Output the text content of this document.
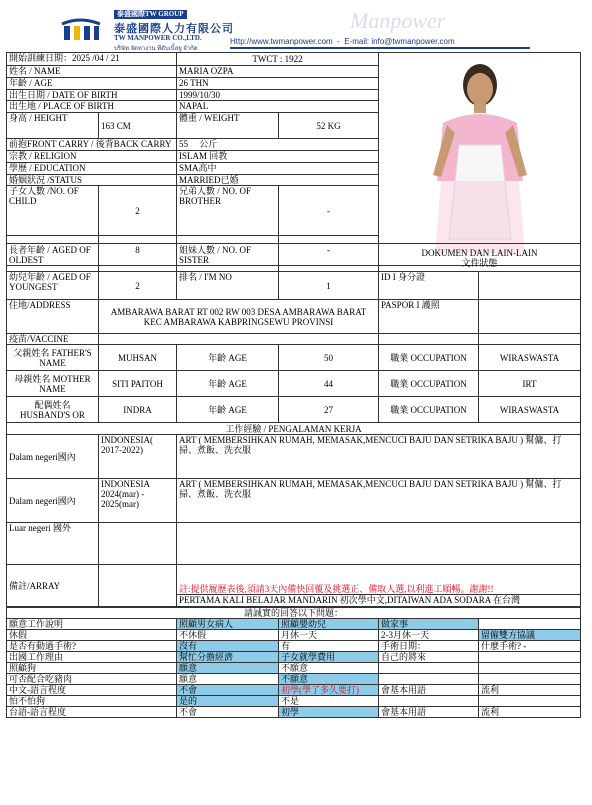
泰盛國際TW GROUP
泰盛國際人力有限公司
TW MANPOWER CO.,LTD.
บริษัท จัดหางาน ทีดับเบิ้ลยู จำกัด
Manpower
Http://www.twmanpower.com  -  E-mail: info@twmanpower.com
開始訓練日期：2025 /04 / 21		TWCT : 1922	
姓名 / NAME		MARIA OZPA		
年齡 / AGE		26 THN		
出生日期 / DATE OF BIRTH		1999/10/30		
出生地 / PLACE OF BIRTH		NAPAL		
身高 / HEIGHT	163 CM	體重 / WEIGHT	52 KG	
前抱FRONT CARRY / 後背BACK CARRY		55 公斤		
宗教 / RELIGION		ISLAM 回教		
學歷 / EDUCATION		SMA高中		
婚姻狀況 /STATUS		MARRIED已婚		
子女人數 /NO. OF CHILD	2	兄弟人數 / NO. OF BROTHER	-	
長者年齡 / AGED OF OLDEST	8	姐妹人數 / NO. OF SISTER	-	
					DOKUMEN DAN LAIN-LAIN
文件狀態	
幼兒年齡 / AGED OF YOUNGEST	2	排名 / I'M NO	1	ID I 身分證	
住地/ADDRESS	AMBARAWA BARAT RT 002 RW 003 DESA AMBARAWA BARAT KEC AMBARAWA KABPRINGSEWU PROVINSI			PASPOR I 護照	
疫苗/VACCINE					
父親姓名 FATHER'S NAME	MUHSAN	年齡 AGE	50	職業 OCCUPATION	WIRASWASTA
母親姓名 MOTHER NAME	SITI PAITOH	年齡 AGE	44	職業 OCCUPATION	IRT
配偶姓名 HUSBAND'S OR	INDRA	年齡 AGE	27	職業 OCCUPATION	WIRASWASTA
工作經驗 / PENGALAMAN KERJA					
Dalam negeri國內	INDONESIA( 2017-2022)	ART ( MEMBERSIHKAN RUMAH, MEMASAK,MENCUCI BAJU DAN SETRIKA BAJU ) 幫傭、打掃、煮飯、洗衣服			
Dalam negeri國內	INDONESIA 2024(mar) - 2025(mar)	ART ( MEMBERSIHKAN RUMAH, MEMASAK,MENCUCI BAJU DAN SETRIKA BAJU ) 幫傭、打掃、煮飯、洗衣服			
Luar negeri 國外					
備註/ARRAY		註:提供履歷表後,須請3天內備快回覆及挑選正、備取人選,以利進工順暢。謝謝!!			
		PERTAMA KALI BELAJAR MANDARIN 初次學中文,DITAIWAN ADA SODARA 在台灣			
請誠實的回答以下問題：				
願意工作說明	照顧男女病人	照顧嬰幼兒	做家事	
休假	不休假	月休一天	2-3月休一天	留僱雙方協議
是否有動過手術?	沒有	有	手術日期：	什麼手術? -
出國工作理由	幫忙分擔經濟	子女就學費用	自己的將來	
照顧狗	願意	不願意		
可否配合吃豬肉	願意	不願意		
中文-語言程度	不會	初學(學了多久要打)	會基本用語	流利
怕不怕狗	是的	不是		
台語-語言程度	不會	初學	會基本用語	流利
